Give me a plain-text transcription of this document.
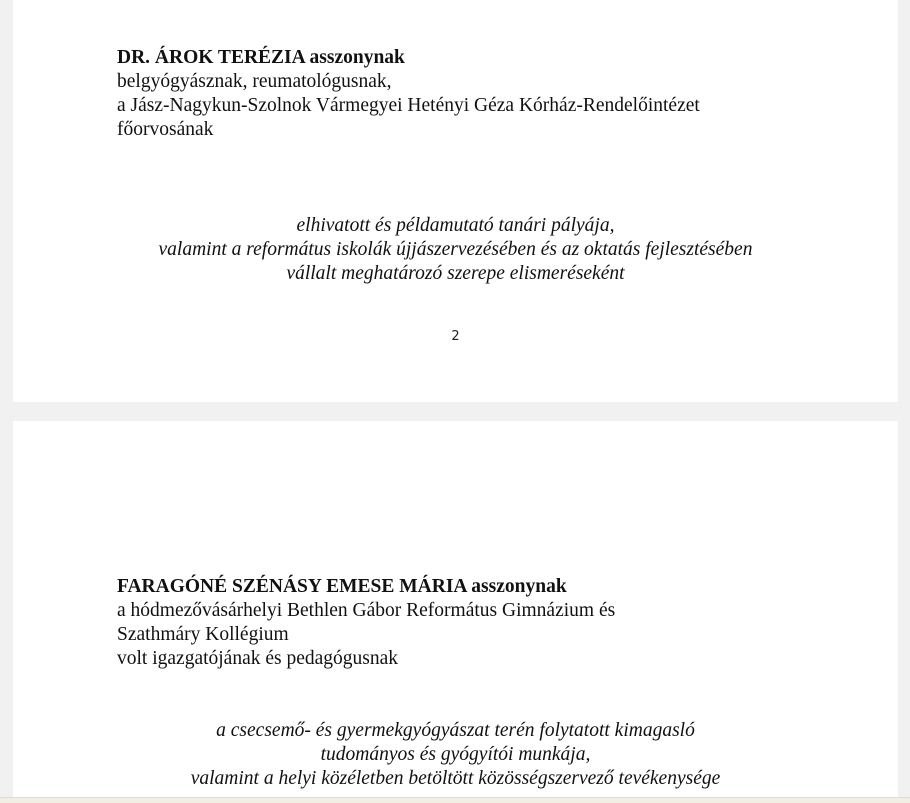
DR. ÁROK TERÉZIA asszonynak
belgyógyásznak, reumatológusnak,
a Jász-Nagykun-Szolnok Vármegyei Hetényi Géza Kórház-Rendelőintézet
főorvosának
elhivatott és példamutató tanári pályája,
valamint a református iskolák újjászervezésében és az oktatás fejlesztésében
vállalt meghatározó szerepe elismeréseként
2
FARAGÓNÉ SZÉNÁSY EMESE MÁRIA asszonynak
a hódmezővásárhelyi Bethlen Gábor Református Gimnázium és
Szathmáry Kollégium
volt igazgatójának és pedagógusnak
a csecsemő- és gyermekgyógyászat terén folytatott kimagasló
tudományos és gyógyítói munkája,
valamint a helyi közéletben betöltött közösségszervező tevékenysége
